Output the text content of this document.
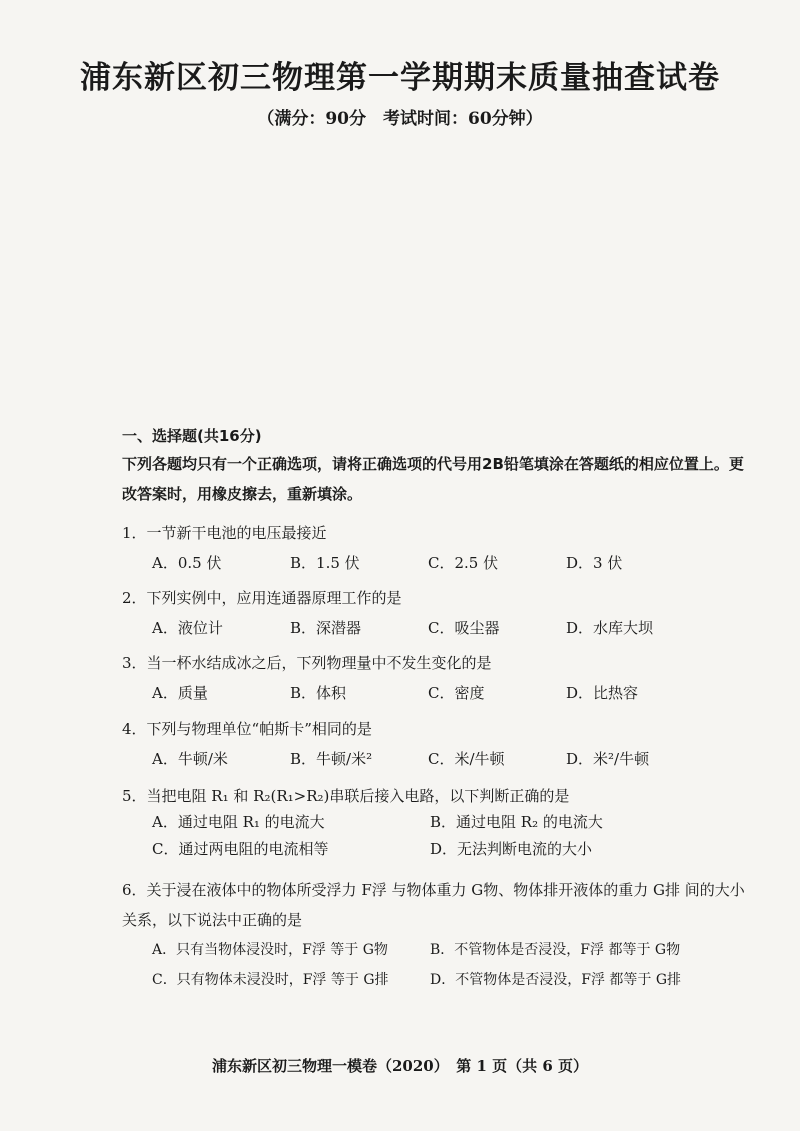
浦东新区初三物理第一学期期末质量抽查试卷
（满分：90分　考试时间：60分钟）
一、选择题(共16分)
下列各题均只有一个正确选项，请将正确选项的代号用2B铅笔填涂在答题纸的相应位置上。更改答案时，用橡皮擦去，重新填涂。
1．一节新干电池的电压最接近
A．0.5 伏	B．1.5 伏	C．2.5 伏	D．3 伏
2．下列实例中，应用连通器原理工作的是
A．液位计	B．深潜器	C．吸尘器	D．水库大坝
3．当一杯水结成冰之后，下列物理量中不发生变化的是
A．质量	B．体积	C．密度	D．比热容
4．下列与物理单位“帕斯卡”相同的是
A．牛顿/米	B．牛顿/米²	C．米/牛顿	D．米²/牛顿
5．当把电阻 R₁ 和 R₂(R₁>R₂)串联后接入电路，以下判断正确的是
A．通过电阻 R₁ 的电流大	B．通过电阻 R₂ 的电流大
C．通过两电阻的电流相等	D．无法判断电流的大小
6．关于浸在液体中的物体所受浮力 F浮 与物体重力 G物、物体排开液体的重力 G排 间的大小关系，以下说法中正确的是
A．只有当物体浸没时，F浮 等于 G物	B．不管物体是否浸没，F浮 都等于 G物
C．只有物体未浸没时，F浮 等于 G排	D．不管物体是否浸没，F浮 都等于 G排
浦东新区初三物理一模卷（2020）　第 1 页（共 6 页）
